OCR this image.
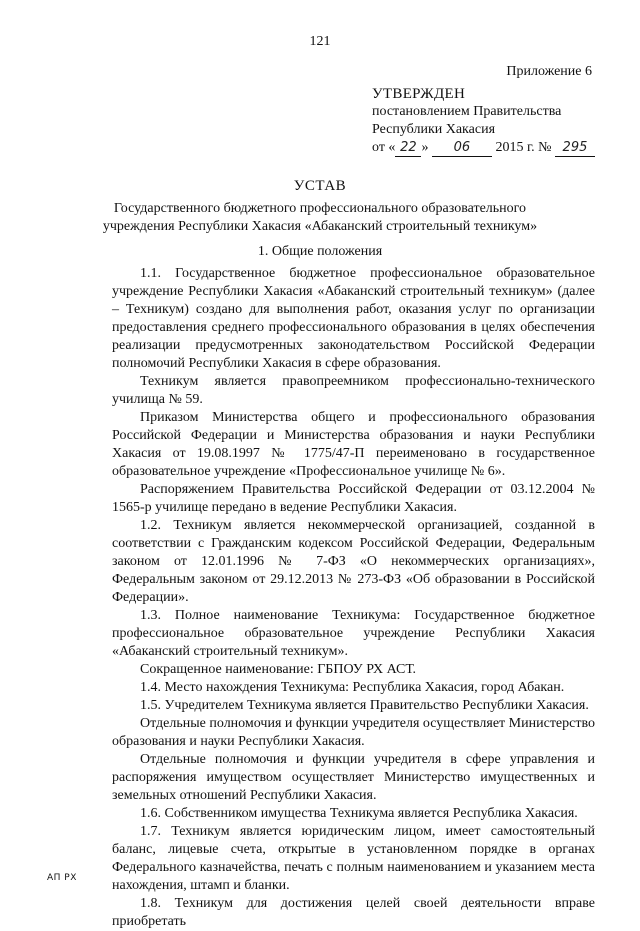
121
Приложение 6
УТВЕРЖДЕН
постановлением Правительства
Республики Хакасия
от « 22 » 06 2015 г. № 295
УСТАВ
Государственного бюджетного профессионального образовательного
учреждения Республики Хакасия «Абаканский строительный техникум»
1. Общие положения

1.1. Государственное бюджетное профессиональное образовательное учреждение Республики Хакасия «Абаканский строительный техникум» (далее – Техникум) создано для выполнения работ, оказания услуг по организации предоставления среднего профессионального образования в целях обеспечения реализации предусмотренных законодательством Российской Федерации полномочий Республики Хакасия в сфере образования.

Техникум является правопреемником профессионально-технического училища № 59.

Приказом Министерства общего и профессионального образования Российской Федерации и Министерства образования и науки Республики Хакасия от 19.08.1997 № 1775/47-П переименовано в государственное образовательное учреждение «Профессиональное училище № 6».

Распоряжением Правительства Российской Федерации от 03.12.2004 № 1565-р училище передано в ведение Республики Хакасия.

1.2. Техникум является некоммерческой организацией, созданной в соответствии с Гражданским кодексом Российской Федерации, Федеральным законом от 12.01.1996 № 7-ФЗ «О некоммерческих организациях», Федеральным законом от 29.12.2013 № 273-ФЗ «Об образовании в Российской Федерации».

1.3. Полное наименование Техникума: Государственное бюджетное профессиональное образовательное учреждение Республики Хакасия «Абаканский строительный техникум».

Сокращенное наименование: ГБПОУ РХ АСТ.

1.4. Место нахождения Техникума: Республика Хакасия, город Абакан.

1.5. Учредителем Техникума является Правительство Республики Хакасия.

Отдельные полномочия и функции учредителя осуществляет Министерство образования и науки Республики Хакасия.

Отдельные полномочия и функции учредителя в сфере управления и распоряжения имуществом осуществляет Министерство имущественных и земельных отношений Республики Хакасия.

1.6. Собственником имущества Техникума является Республика Хакасия.

1.7. Техникум является юридическим лицом, имеет самостоятельный баланс, лицевые счета, открытые в установленном порядке в органах Федерального казначейства, печать с полным наименованием и указанием места нахождения, штамп и бланки.

1.8. Техникум для достижения целей своей деятельности вправе приобретать

АП РХ
